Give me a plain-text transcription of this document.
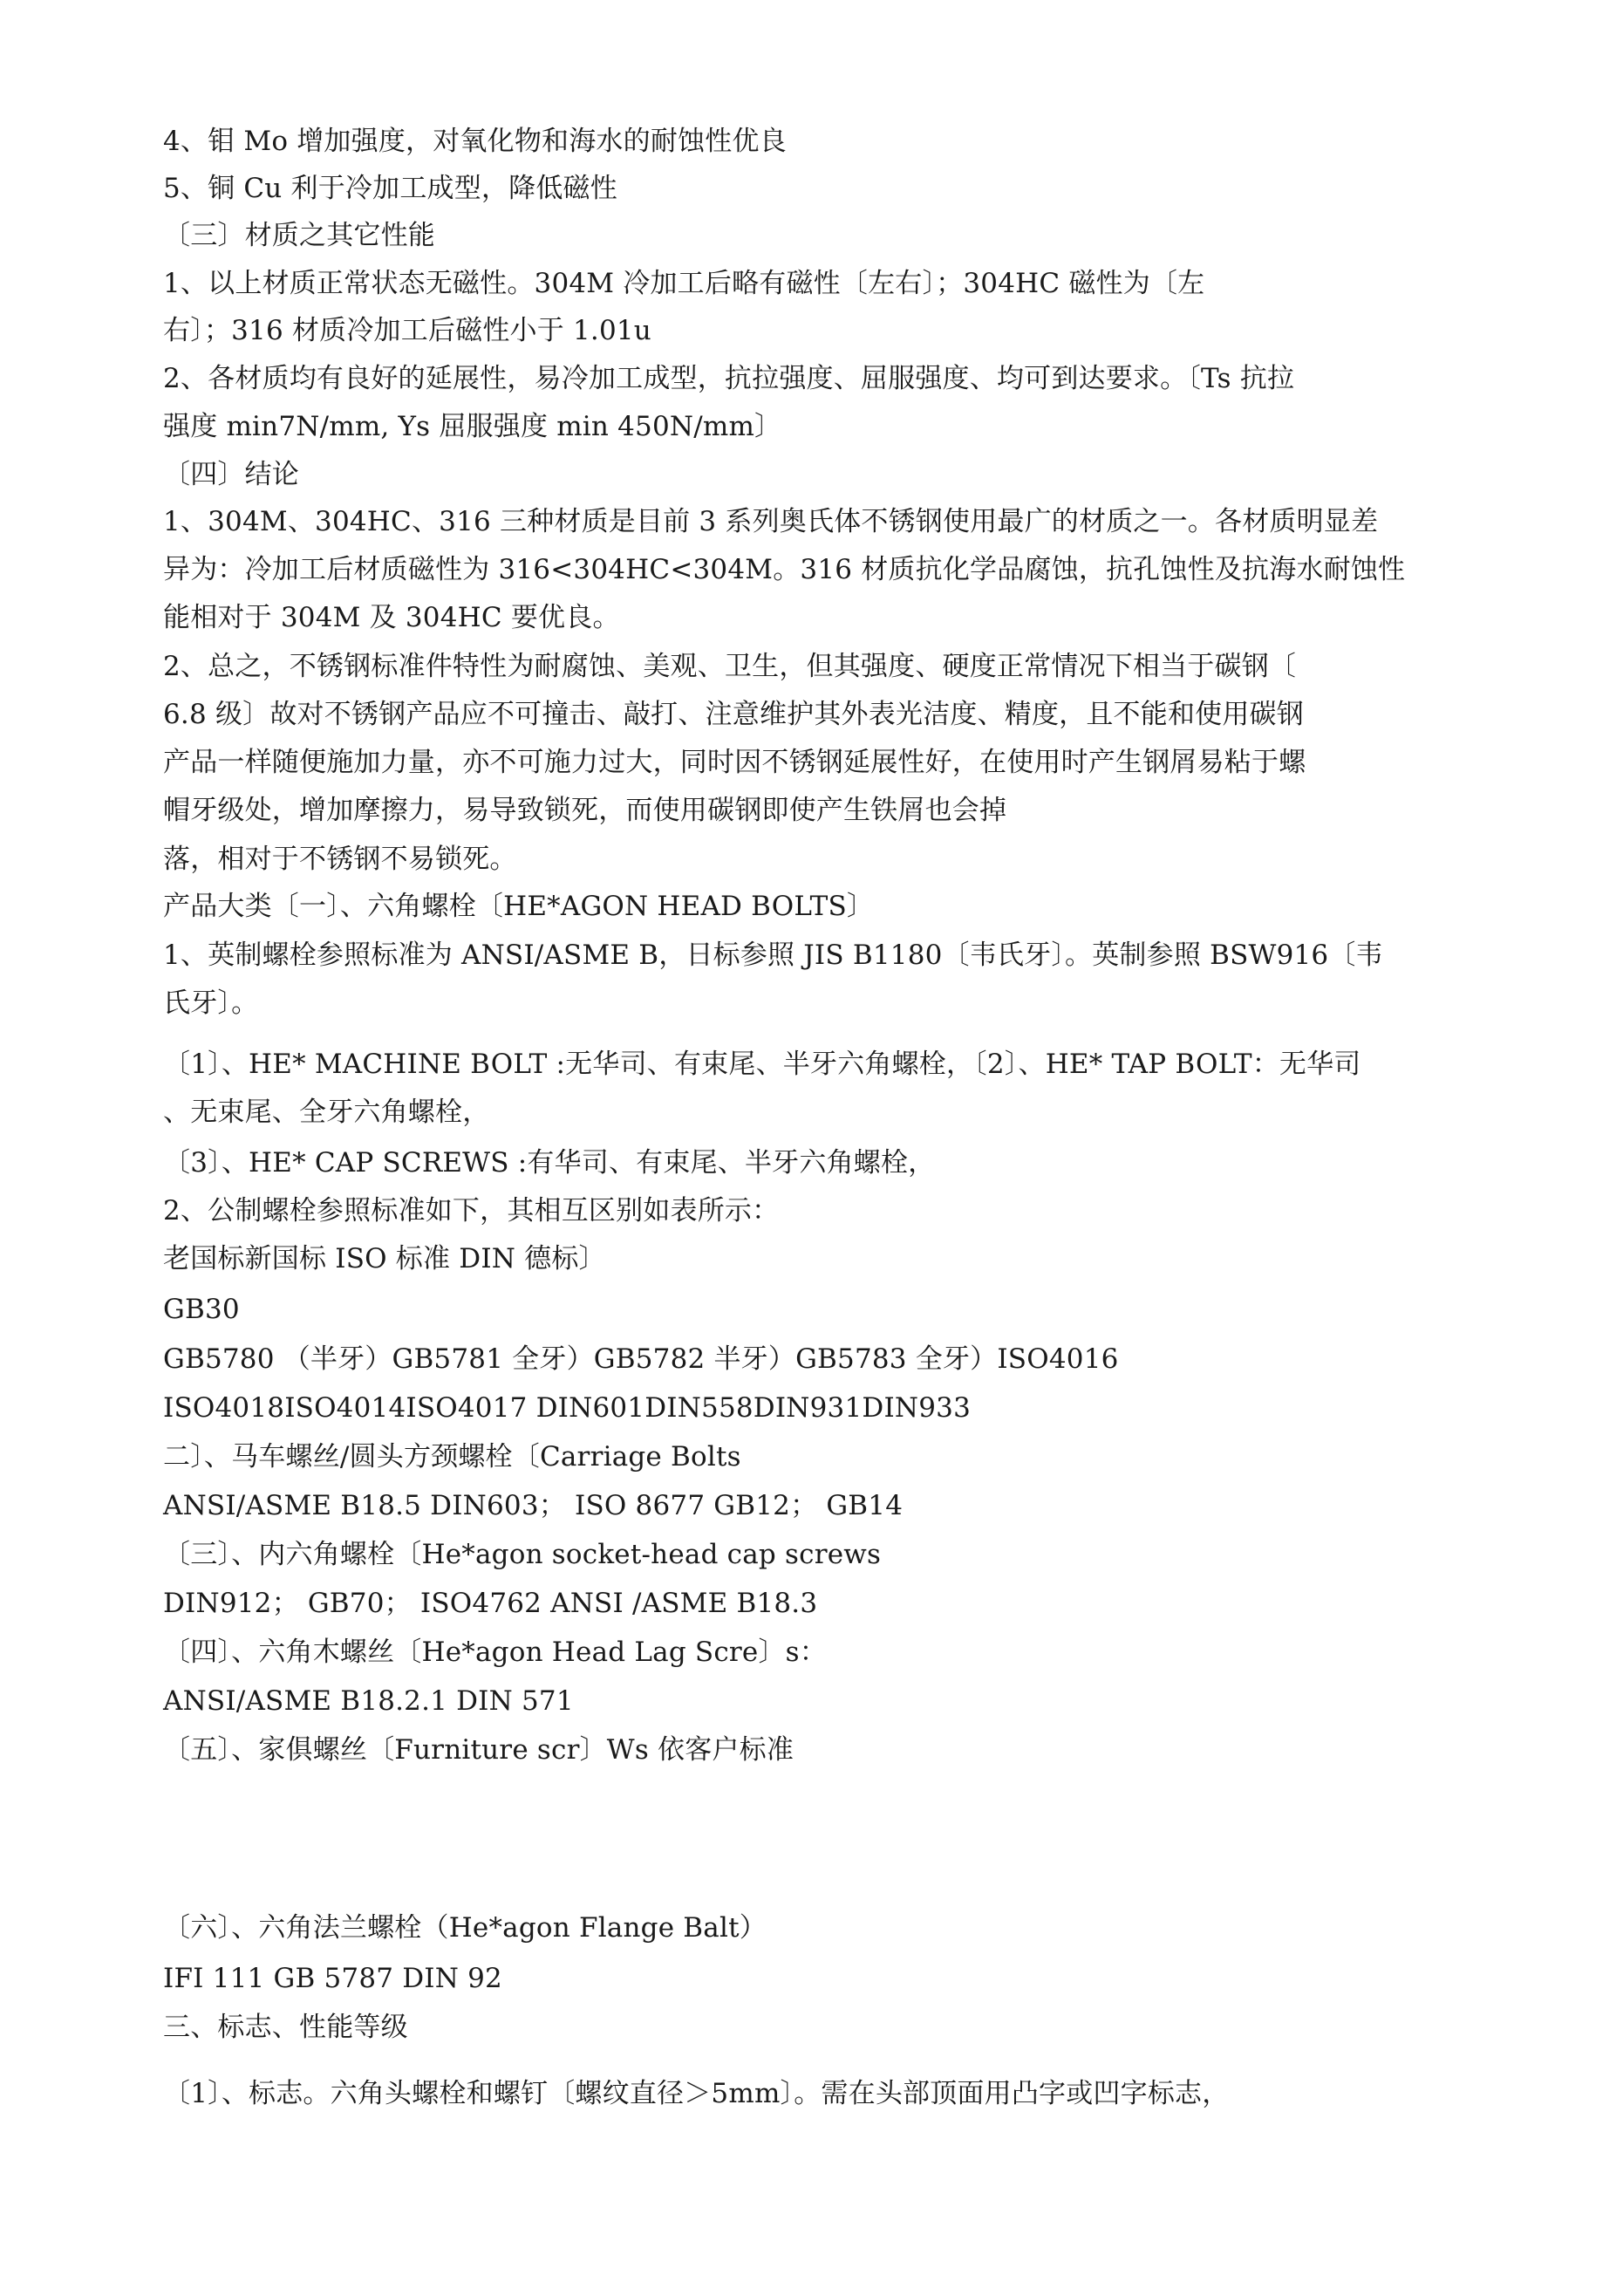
4、钼 Mo 增加强度，对氧化物和海水的耐蚀性优良
5、铜 Cu 利于冷加工成型，降低磁性
〔三〕材质之其它性能
1、以上材质正常状态无磁性。304M 冷加工后略有磁性〔左右〕；304HC 磁性为〔左
右〕；316 材质冷加工后磁性小于 1.01u
2、各材质均有良好的延展性，易冷加工成型，抗拉强度、屈服强度、均可到达要求。〔Ts 抗拉
强度 min7N/mm, Ys 屈服强度 min 450N/mm〕
〔四〕结论
1、304M、304HC、316 三种材质是目前 3 系列奥氏体不锈钢使用最广的材质之一。各材质明显差
异为：冷加工后材质磁性为 316<304HC<304M。316 材质抗化学品腐蚀，抗孔蚀性及抗海水耐蚀性
能相对于 304M 及 304HC 要优良。
2、总之，不锈钢标准件特性为耐腐蚀、美观、卫生，但其强度、硬度正常情况下相当于碳钢〔
6.8 级〕故对不锈钢产品应不可撞击、敲打、注意维护其外表光洁度、精度，且不能和使用碳钢
产品一样随便施加力量，亦不可施力过大，同时因不锈钢延展性好，在使用时产生钢屑易粘于螺
帽牙级处，增加摩擦力，易导致锁死，而使用碳钢即使产生铁屑也会掉
落，相对于不锈钢不易锁死。
产品大类〔一〕、六角螺栓〔HE*AGON HEAD BOLTS〕
1、英制螺栓参照标准为 ANSI/ASME B，日标参照 JIS B1180〔韦氏牙〕。英制参照 BSW916〔韦
氏牙〕。
〔1〕、HE* MACHINE BOLT :无华司、有束尾、半牙六角螺栓，〔2〕、HE* TAP BOLT：无华司
、无束尾、全牙六角螺栓，
〔3〕、HE* CAP SCREWS :有华司、有束尾、半牙六角螺栓，
2、公制螺栓参照标准如下，其相互区别如表所示：
老国标新国标 ISO 标准 DIN 德标〕
GB30
GB5780 （半牙）GB5781 全牙）GB5782 半牙）GB5783 全牙）ISO4016
ISO4018ISO4014ISO4017 DIN601DIN558DIN931DIN933
二〕、马车螺丝/圆头方颈螺栓〔Carriage Bolts
ANSI/ASME B18.5 DIN603； ISO 8677 GB12； GB14
〔三〕、内六角螺栓〔He*agon socket-head cap screws
DIN912； GB70； ISO4762 ANSI /ASME B18.3
〔四〕、六角木螺丝〔He*agon Head Lag Scre〕s：
ANSI/ASME B18.2.1 DIN 571
〔五〕、家俱螺丝〔Furniture scr〕Ws 依客户标准
〔六〕、六角法兰螺栓（He*agon Flange Balt）
IFI 111 GB 5787 DIN 92
三、标志、性能等级
〔1〕、标志。六角头螺栓和螺钉〔螺纹直径＞5mm〕。需在头部顶面用凸字或凹字标志，
